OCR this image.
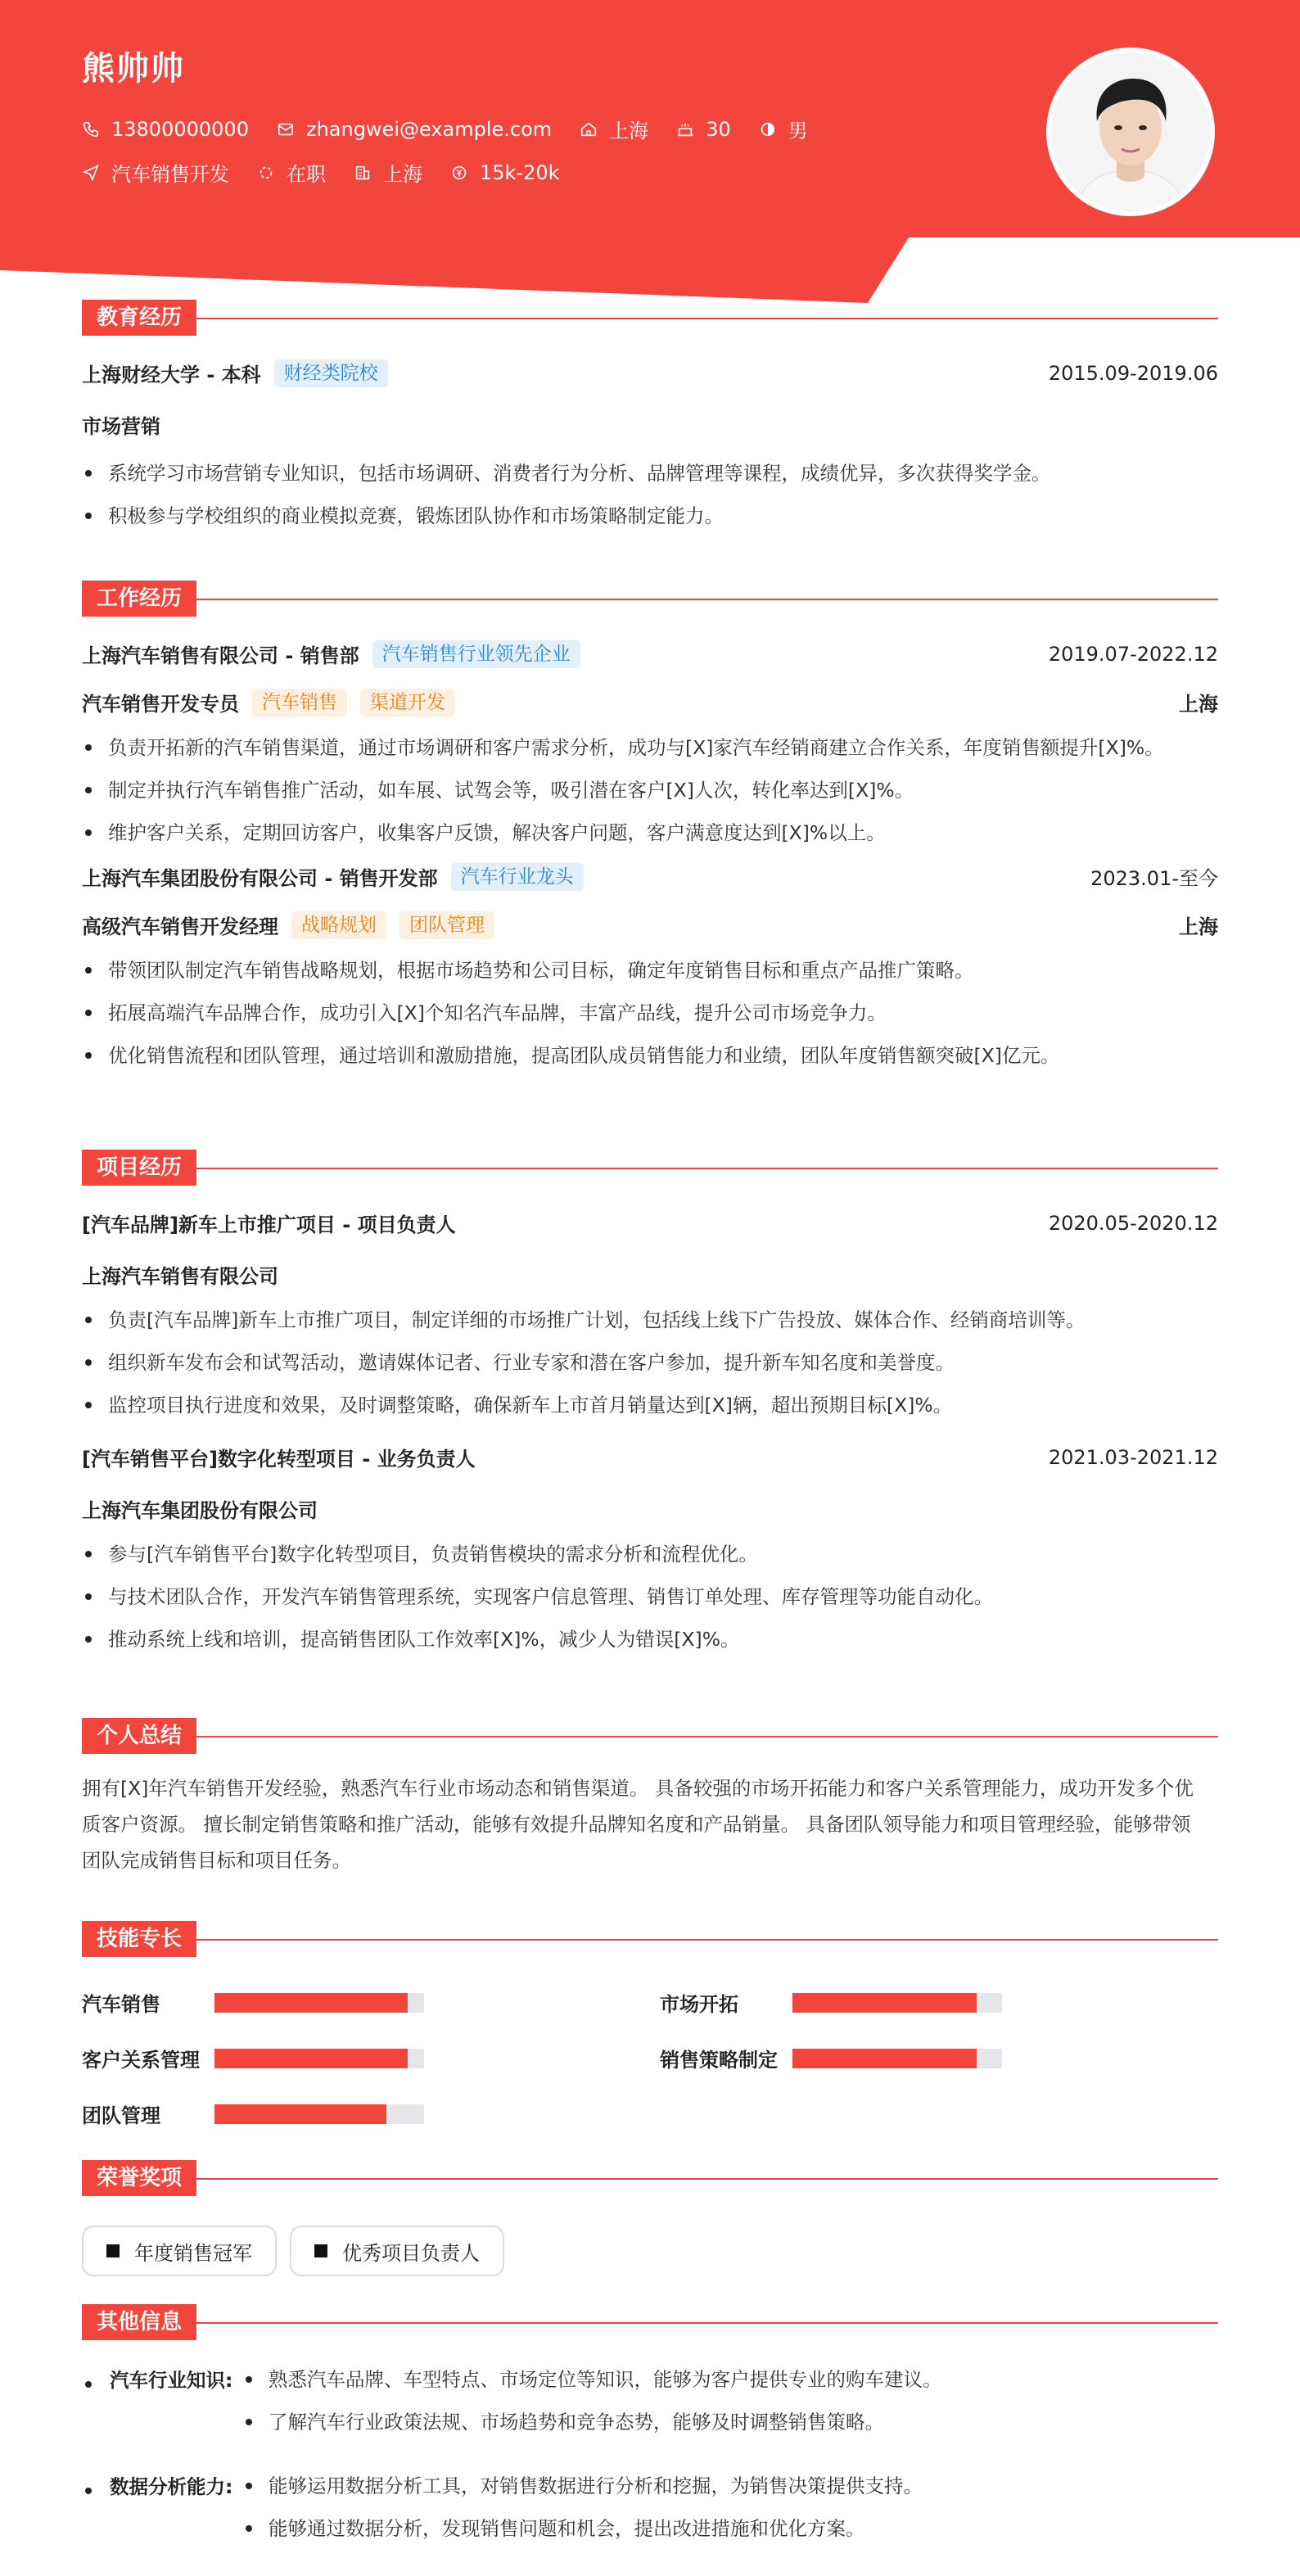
熊帅帅
13800000000	zhangwei@example.com	上海	30	男
汽车销售开发	在职	上海	15k-20k
教育经历
上海财经大学 - 本科	财经类院校	2015.09-2019.06
市场营销
系统学习市场营销专业知识，包括市场调研、消费者行为分析、品牌管理等课程，成绩优异，多次获得奖学金。
积极参与学校组织的商业模拟竞赛，锻炼团队协作和市场策略制定能力。
工作经历
上海汽车销售有限公司 - 销售部	汽车销售行业领先企业	2019.07-2022.12
汽车销售开发专员	汽车销售	渠道开发	上海
负责开拓新的汽车销售渠道，通过市场调研和客户需求分析，成功与[X]家汽车经销商建立合作关系，年度销售额提升[X]%。
制定并执行汽车销售推广活动，如车展、试驾会等，吸引潜在客户[X]人次，转化率达到[X]%。
维护客户关系，定期回访客户，收集客户反馈，解决客户问题，客户满意度达到[X]%以上。
上海汽车集团股份有限公司 - 销售开发部	汽车行业龙头	2023.01-至今
高级汽车销售开发经理	战略规划	团队管理	上海
带领团队制定汽车销售战略规划，根据市场趋势和公司目标，确定年度销售目标和重点产品推广策略。
拓展高端汽车品牌合作，成功引入[X]个知名汽车品牌，丰富产品线，提升公司市场竞争力。
优化销售流程和团队管理，通过培训和激励措施，提高团队成员销售能力和业绩，团队年度销售额突破[X]亿元。
项目经历
[汽车品牌]新车上市推广项目 - 项目负责人	2020.05-2020.12
上海汽车销售有限公司
负责[汽车品牌]新车上市推广项目，制定详细的市场推广计划，包括线上线下广告投放、媒体合作、经销商培训等。
组织新车发布会和试驾活动，邀请媒体记者、行业专家和潜在客户参加，提升新车知名度和美誉度。
监控项目执行进度和效果，及时调整策略，确保新车上市首月销量达到[X]辆，超出预期目标[X]%。
[汽车销售平台]数字化转型项目 - 业务负责人	2021.03-2021.12
上海汽车集团股份有限公司
参与[汽车销售平台]数字化转型项目，负责销售模块的需求分析和流程优化。
与技术团队合作，开发汽车销售管理系统，实现客户信息管理、销售订单处理、库存管理等功能自动化。
推动系统上线和培训，提高销售团队工作效率[X]%，减少人为错误[X]%。
个人总结
拥有[X]年汽车销售开发经验，熟悉汽车行业市场动态和销售渠道。 具备较强的市场开拓能力和客户关系管理能力，成功开发多个优
质客户资源。 擅长制定销售策略和推广活动，能够有效提升品牌知名度和产品销量。 具备团队领导能力和项目管理经验，能够带领
团队完成销售目标和项目任务。
技能专长
汽车销售	市场开拓
客户关系管理	销售策略制定
团队管理
荣誉奖项
年度销售冠军	优秀项目负责人
其他信息
汽车行业知识:	熟悉汽车品牌、车型特点、市场定位等知识，能够为客户提供专业的购车建议。
了解汽车行业政策法规、市场趋势和竞争态势，能够及时调整销售策略。
数据分析能力:	能够运用数据分析工具，对销售数据进行分析和挖掘，为销售决策提供支持。
能够通过数据分析，发现销售问题和机会，提出改进措施和优化方案。
